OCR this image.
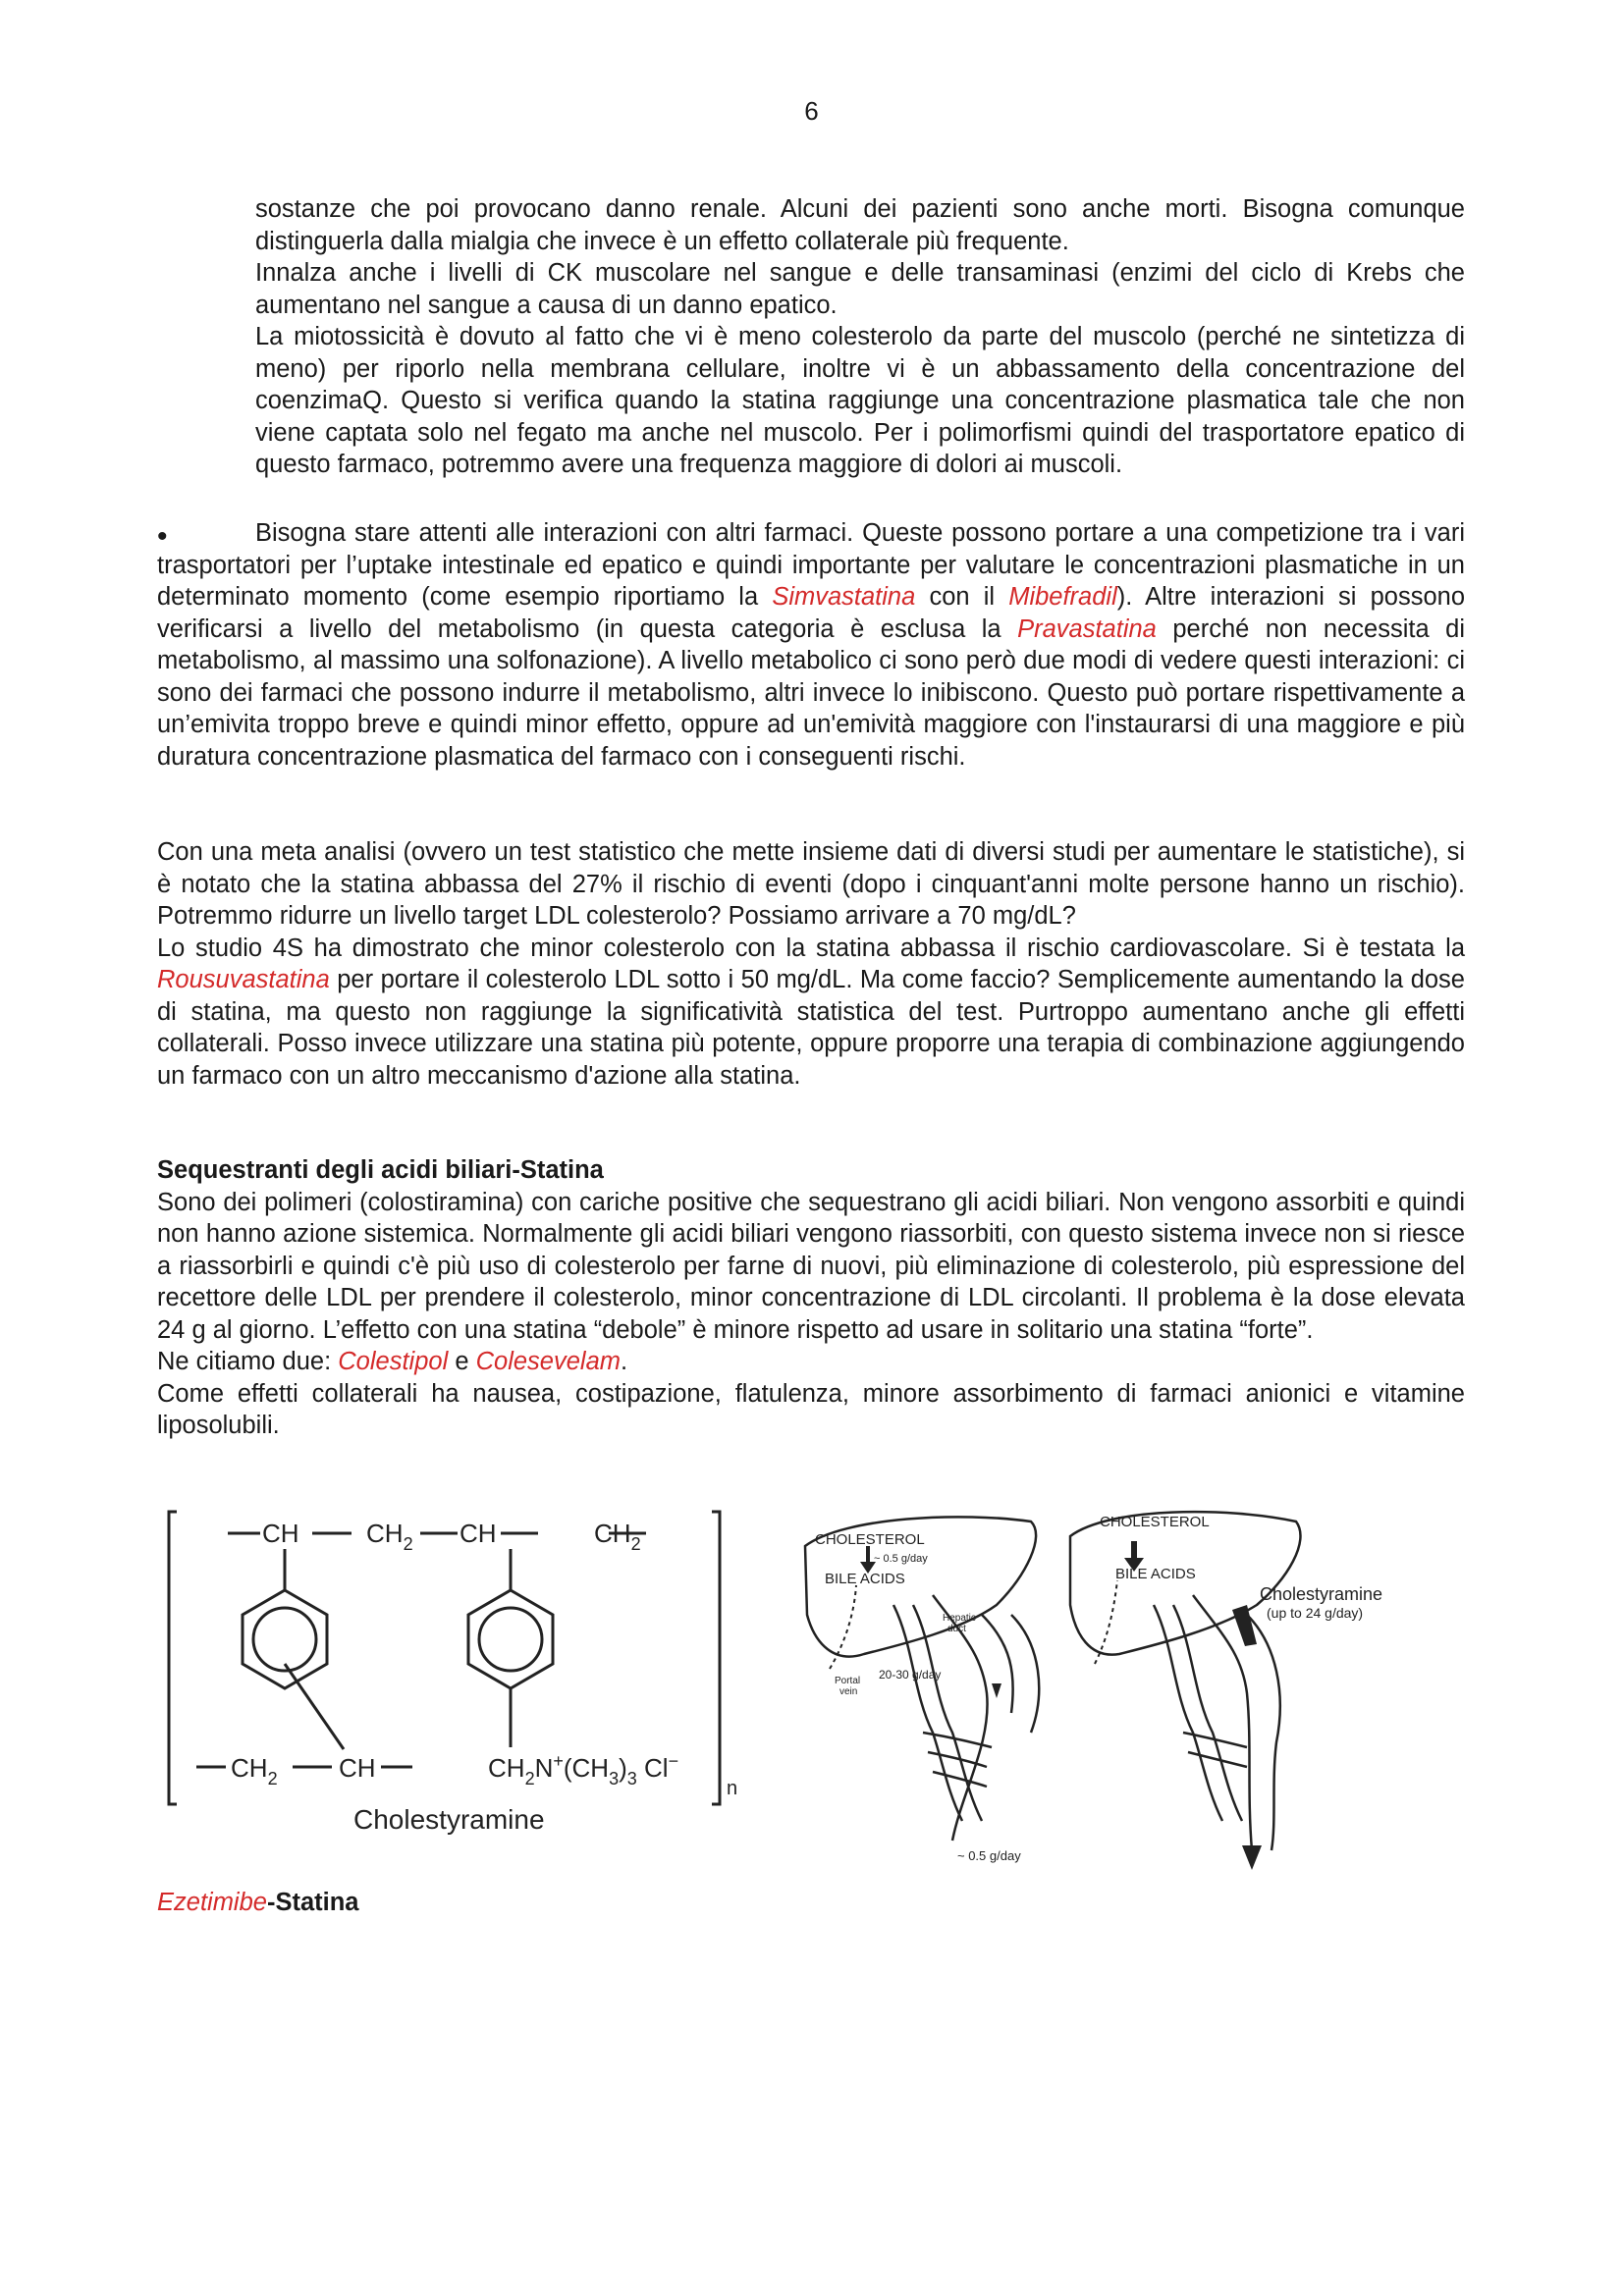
6

sostanze che poi provocano danno renale. Alcuni dei pazienti sono anche morti. Bisogna comunque distinguerla dalla mialgia che invece è un effetto collaterale più frequente.

Innalza anche i livelli di CK muscolare nel sangue e delle transaminasi (enzimi del ciclo di Krebs che aumentano nel sangue a causa di un danno epatico.

La miotossicità è dovuto al fatto che vi è meno colesterolo da parte del muscolo (perché ne sintetizza di meno) per riporlo nella membrana cellulare, inoltre vi è un abbassamento della concentrazione del coenzimaQ. Questo si verifica quando la statina raggiunge una concentrazione plasmatica tale che non viene captata solo nel fegato ma anche nel muscolo. Per i polimorfismi quindi del trasportatore epatico di questo farmaco, potremmo avere una frequenza maggiore di dolori ai muscoli.

•	Bisogna stare attenti alle interazioni con altri farmaci. Queste possono portare a una competizione tra i vari trasportatori per l’uptake intestinale ed epatico e quindi importante per valutare le concentrazioni plasmatiche in un determinato momento (come esempio riportiamo la Simvastatina con il Mibefradil). Altre interazioni si possono verificarsi a livello del metabolismo (in questa categoria è esclusa la Pravastatina perché non necessita di metabolismo, al massimo una solfonazione). A livello metabolico ci sono però due modi di vedere questi interazioni: ci sono dei farmaci che possono indurre il metabolismo, altri invece lo inibiscono. Questo può portare rispettivamente a un’emivita troppo breve e quindi minor effetto, oppure ad un'emività maggiore con l'instaurarsi di una maggiore e più duratura concentrazione plasmatica del farmaco con i conseguenti rischi.

Con una meta analisi (ovvero un test statistico che mette insieme dati di diversi studi per aumentare le statistiche), si è notato che la statina abbassa del 27% il rischio di eventi (dopo i cinquant'anni molte persone hanno un rischio). Potremmo ridurre un livello target LDL colesterolo? Possiamo arrivare a 70 mg/dL?

Lo studio 4S ha dimostrato che minor colesterolo con la statina abbassa il rischio cardiovascolare. Si è testata la Rousuvastatina per portare il colesterolo LDL sotto i 50 mg/dL. Ma come faccio? Semplicemente aumentando la dose di statina, ma questo non raggiunge la significatività statistica del test. Purtroppo aumentano anche gli effetti collaterali. Posso invece utilizzare una statina più potente, oppure proporre una terapia di combinazione aggiungendo un farmaco con un altro meccanismo d'azione alla statina.

Sequestranti degli acidi biliari-Statina

Sono dei polimeri (colostiramina) con cariche positive che sequestrano gli acidi biliari. Non vengono assorbiti e quindi non hanno azione sistemica. Normalmente gli acidi biliari vengono riassorbiti, con questo sistema invece non si riesce a riassorbirli e quindi c'è più uso di colesterolo per farne di nuovi, più eliminazione di colesterolo, più espressione del recettore delle LDL per prendere il colesterolo, minor concentrazione di LDL circolanti. Il problema è la dose elevata 24 g al giorno. L’effetto con una statina “debole” è minore rispetto ad usare in solitario una statina “forte”.

Ne citiamo due: Colestipol e Colesevelam.

Come effetti collaterali ha nausea, costipazione, flatulenza, minore assorbimento di farmaci anionici e vitamine liposolubili.

CH	$CH_2$ CH	$CH_2$
$CH_2$ CH	$CH_2N^+(CH_3)_3$ Cl−
n
Cholestyramine
CHOLESTEROL
~ 0.5 g/day
BILE ACIDS
Hepatic
duct
Portal
vein
20-30 g/day
~ 0.5 g/day
CHOLESTEROL
BILE ACIDS
Cholestyramine
(up to 24 g/day)
Ezetimibe-Statina
